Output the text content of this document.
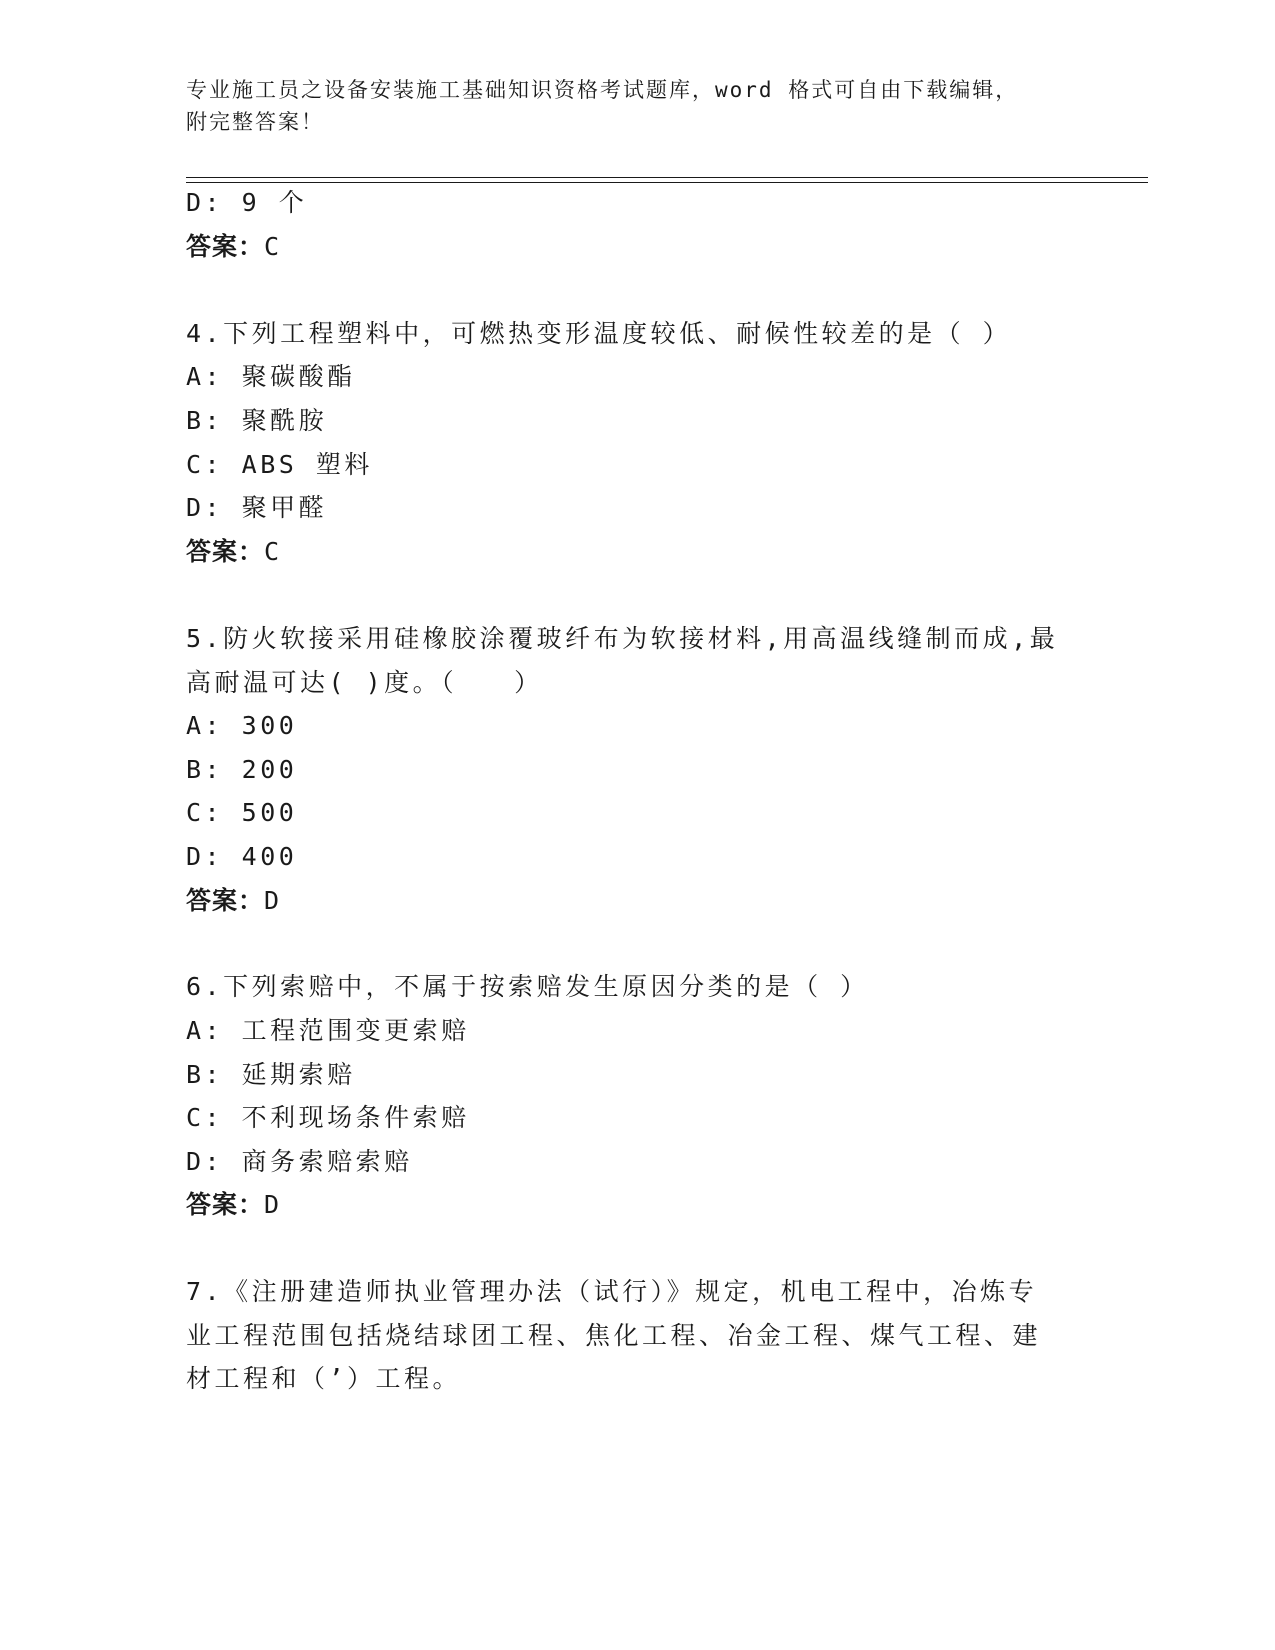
专业施工员之设备安装施工基础知识资格考试题库，word 格式可自由下载编辑，
附完整答案！
D: 9 个
答案：C
4.下列工程塑料中，可燃热变形温度较低、耐候性较差的是（ ）
A: 聚碳酸酯
B: 聚酰胺
C: ABS 塑料
D: 聚甲醛
答案：C
5.防火软接采用硅橡胶涂覆玻纤布为软接材料,用高温线缝制而成,最
高耐温可达( )度。（　　）
A: 300
B: 200
C: 500
D: 400
答案：D
6.下列索赔中，不属于按索赔发生原因分类的是（ ）
A: 工程范围变更索赔
B: 延期索赔
C: 不利现场条件索赔
D: 商务索赔索赔
答案：D
7.《注册建造师执业管理办法（试行）》规定，机电工程中，冶炼专
业工程范围包括烧结球团工程、焦化工程、冶金工程、煤气工程、建
材工程和（’）工程。
